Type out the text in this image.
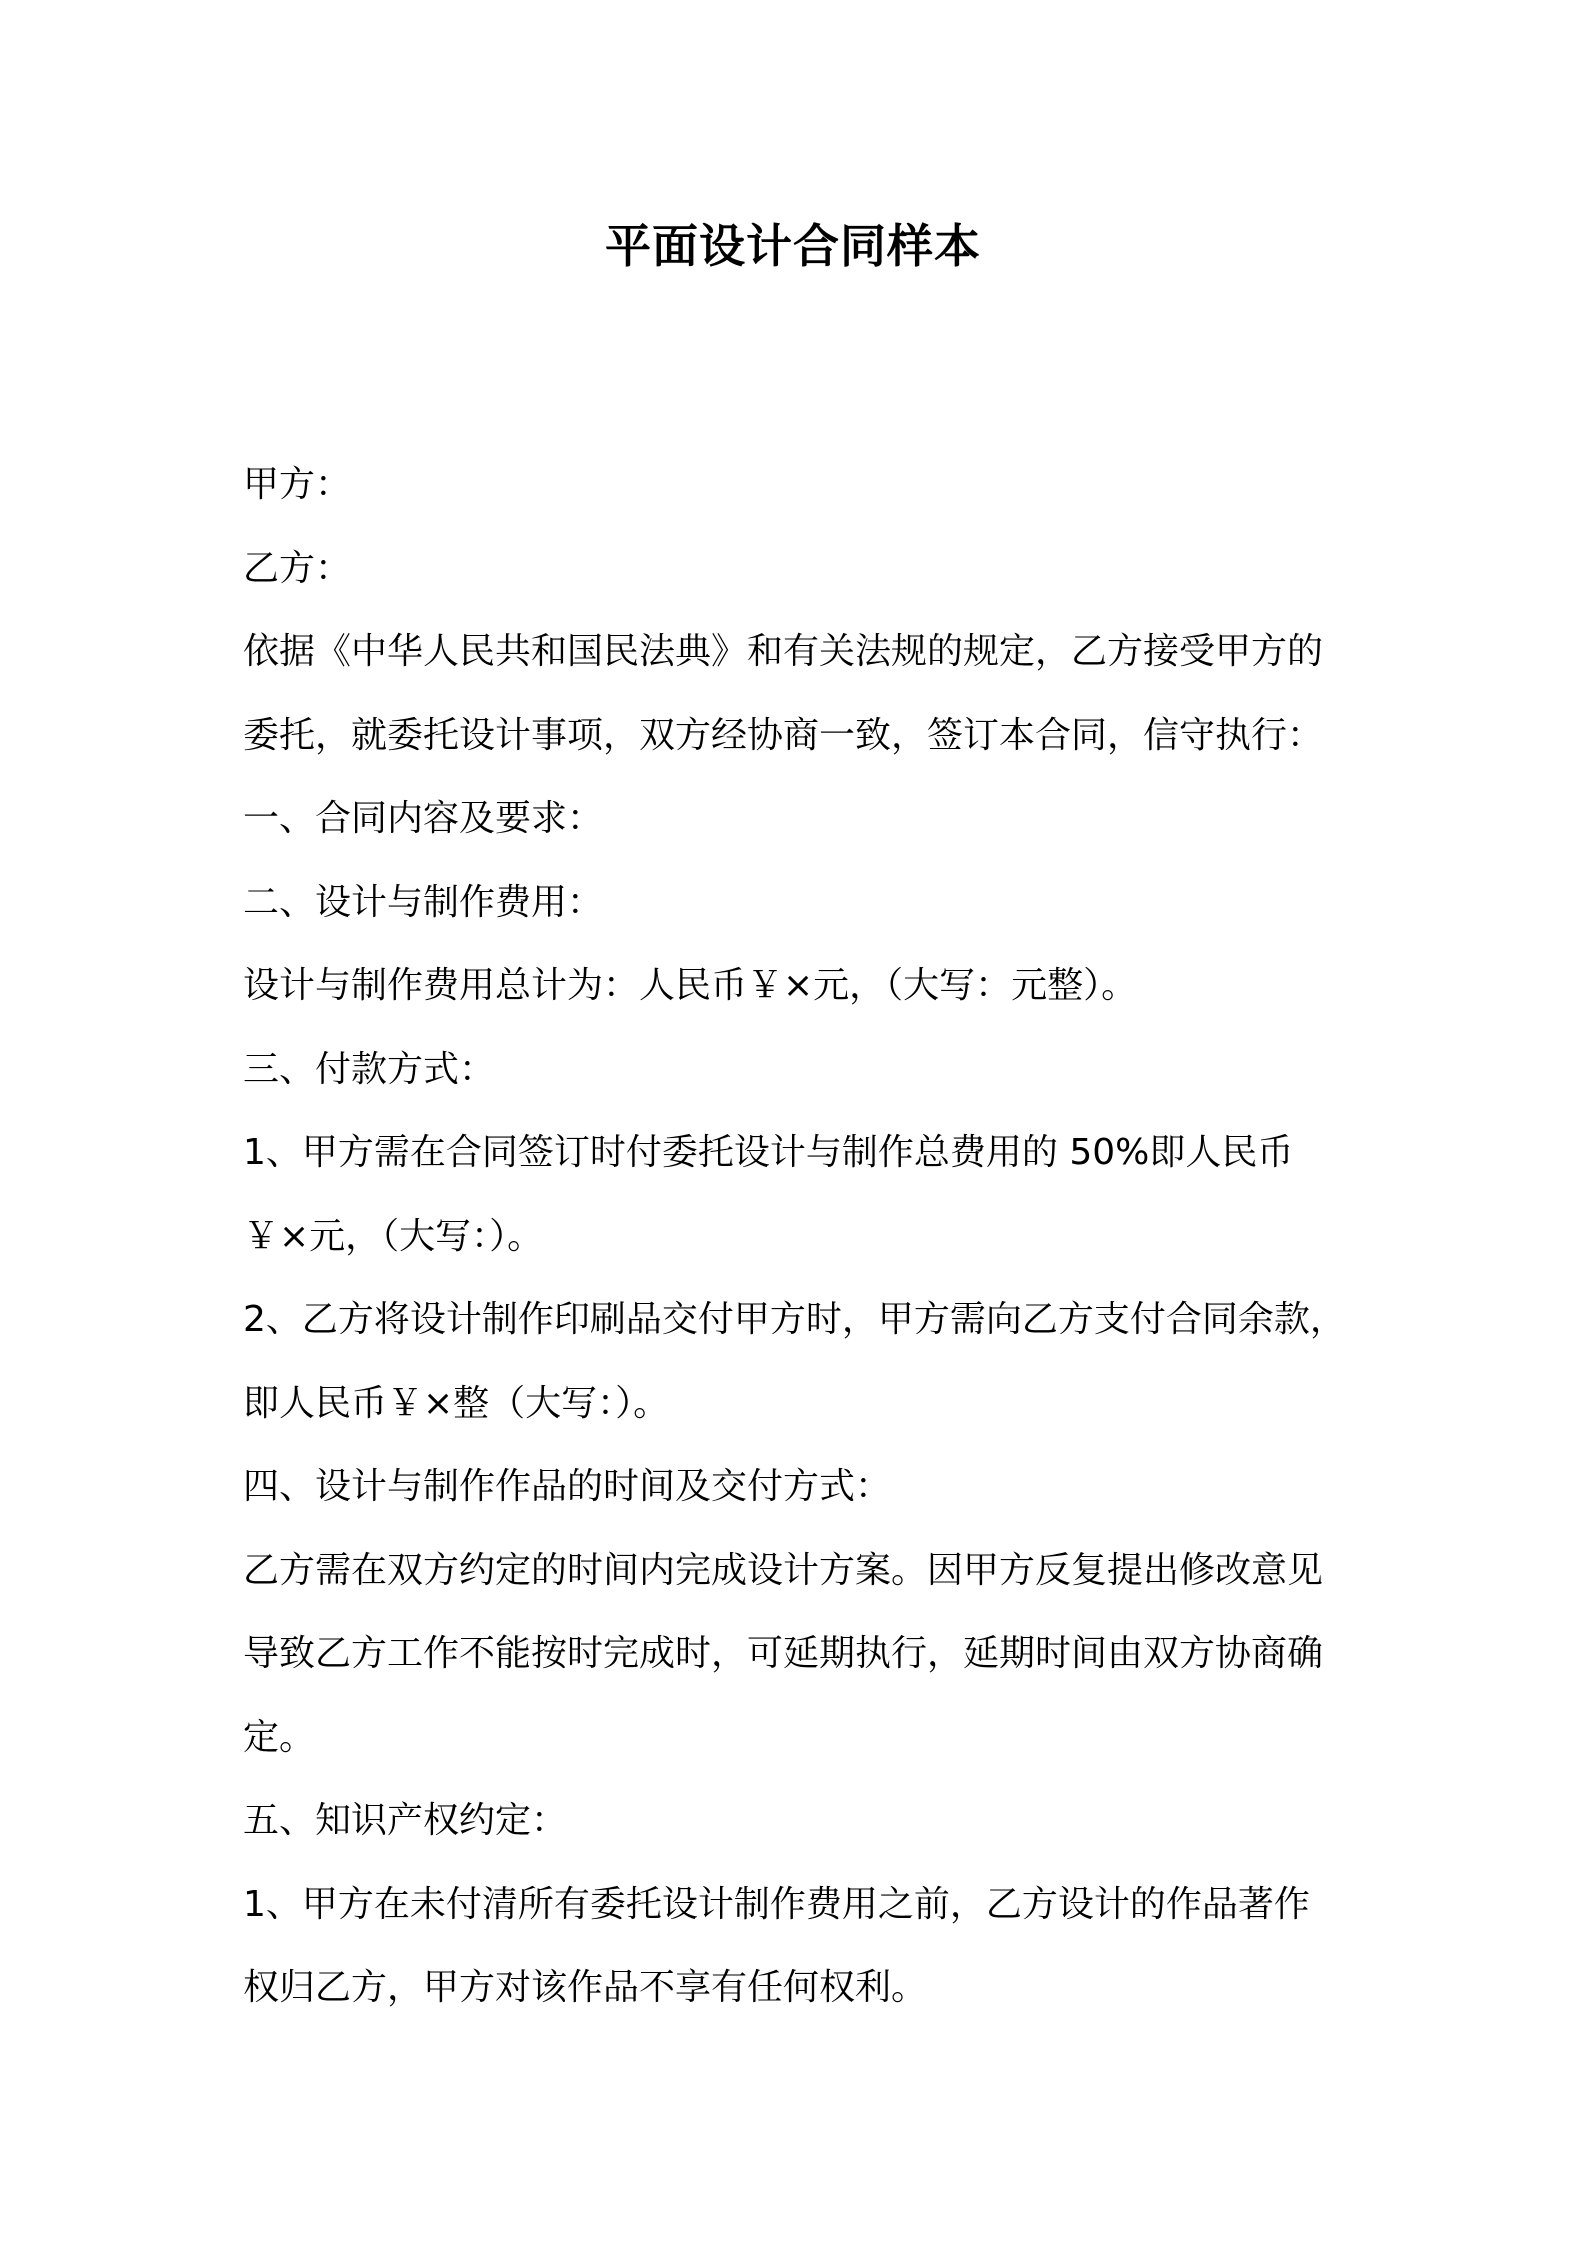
平面设计合同样本
甲方：
乙方：
依据《中华人民共和国民法典》和有关法规的规定，乙方接受甲方的
委托，就委托设计事项，双方经协商一致，签订本合同，信守执行：
一、合同内容及要求：
二、设计与制作费用：
设计与制作费用总计为：人民币￥×元，（大写：元整）。
三、付款方式：
1、甲方需在合同签订时付委托设计与制作总费用的 50%即人民币
￥×元，（大写：）。
2、乙方将设计制作印刷品交付甲方时，甲方需向乙方支付合同余款，
即人民币￥×整（大写：）。
四、设计与制作作品的时间及交付方式：
乙方需在双方约定的时间内完成设计方案。因甲方反复提出修改意见
导致乙方工作不能按时完成时，可延期执行，延期时间由双方协商确
定。
五、知识产权约定：
1、甲方在未付清所有委托设计制作费用之前，乙方设计的作品著作
权归乙方，甲方对该作品不享有任何权利。
